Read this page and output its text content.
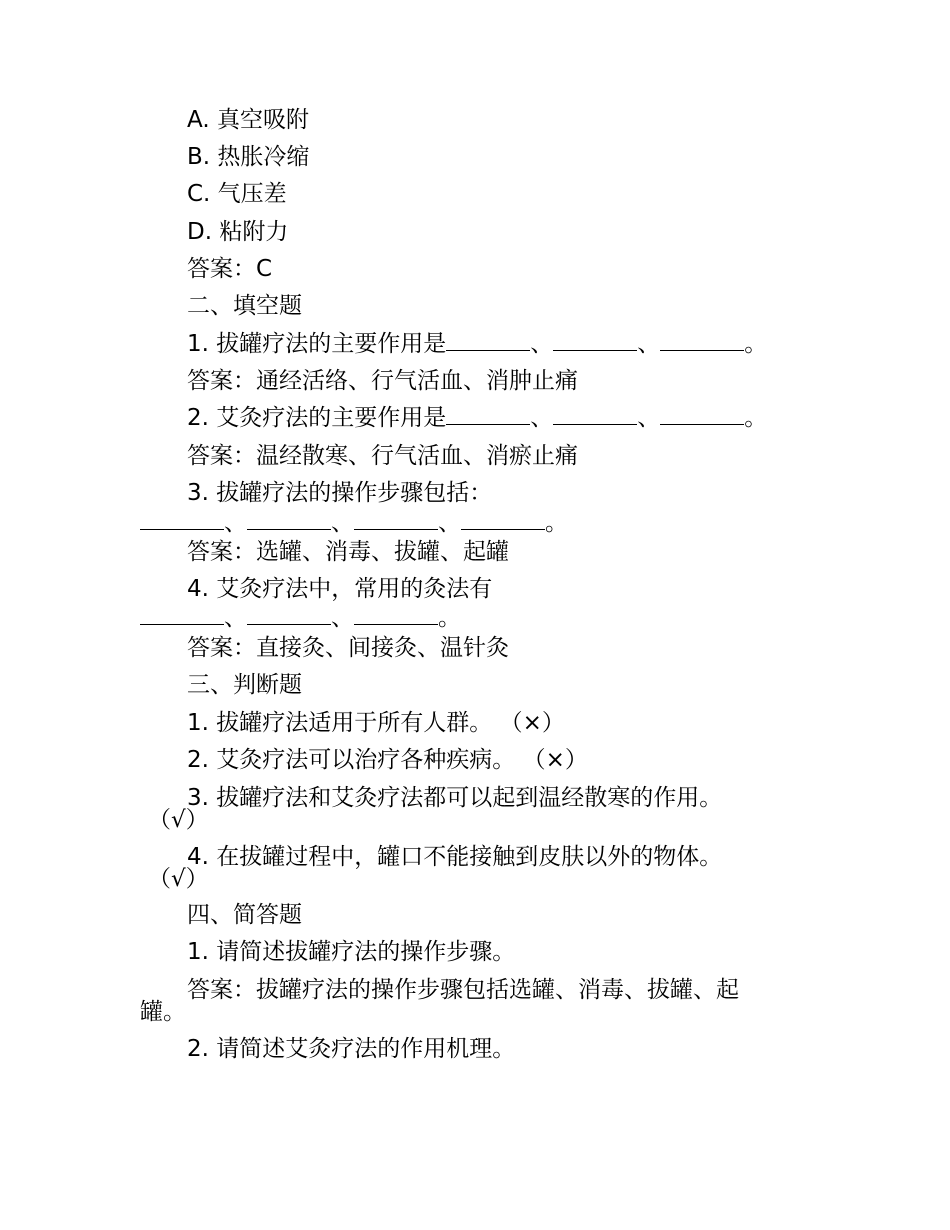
A. 真空吸附
B. 热胀冷缩
C. 气压差
D. 粘附力
答案：C
二、填空题
1. 拔罐疗法的主要作用是	、	、	。
答案：通经活络、行气活血、消肿止痛
2. 艾灸疗法的主要作用是	、	、	。
答案：温经散寒、行气活血、消瘀止痛
3. 拔罐疗法的操作步骤包括：
、	、	、	。
答案：选罐、消毒、拔罐、起罐
4. 艾灸疗法中，常用的灸法有
、	、	。
答案：直接灸、间接灸、温针灸
三、判断题
1. 拔罐疗法适用于所有人群。 （×）
2. 艾灸疗法可以治疗各种疾病。 （×）
3. 拔罐疗法和艾灸疗法都可以起到温经散寒的作用。
（√）
4. 在拔罐过程中，罐口不能接触到皮肤以外的物体。
（√）
四、简答题
1. 请简述拔罐疗法的操作步骤。
答案：拔罐疗法的操作步骤包括选罐、消毒、拔罐、起
罐。
2. 请简述艾灸疗法的作用机理。
